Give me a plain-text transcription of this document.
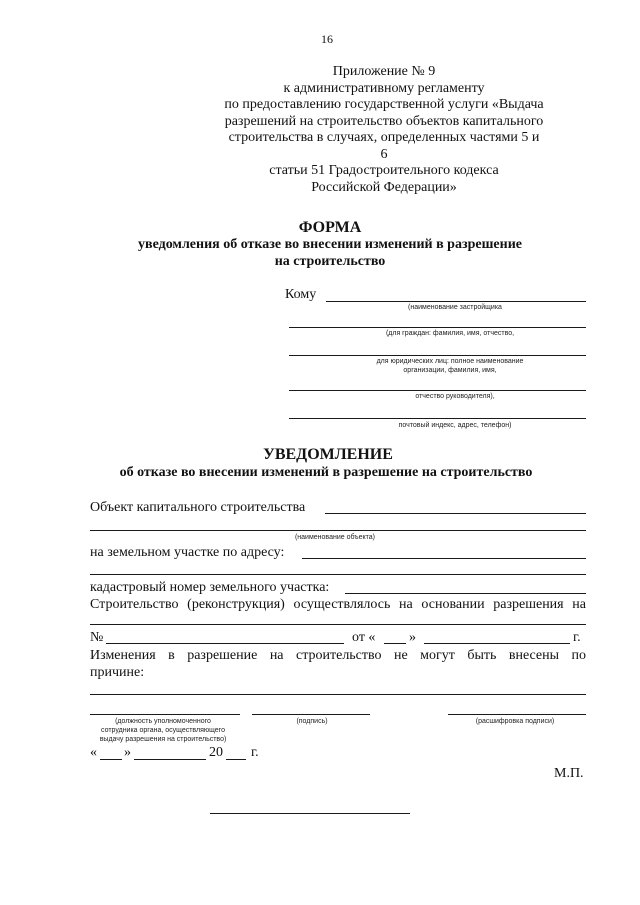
16
Приложение № 9
к административному регламенту
по предоставлению государственной услуги «Выдача
разрешений на строительство объектов капитального
строительства в случаях, определенных частями 5 и 6
статьи 51 Градостроительного кодекса
Российской Федерации»
ФОРМА
уведомления об отказе во внесении изменений в разрешение
на строительство
Кому
(наименование застройщика
(для граждан: фамилия, имя, отчество,
для юридических лиц: полное наименование
организации, фамилия, имя,
отчество руководителя),
почтовый индекс, адрес, телефон)
УВЕДОМЛЕНИЕ
об отказе во внесении изменений в разрешение на строительство
Объект капитального строительства
(наименование объекта)
на земельном участке по адресу:
кадастровый номер земельного участка:
Строительство (реконструкция) осуществлялось на основании разрешения на
№	от « »	г.
Изменения в разрешение на строительство не могут быть внесены по
причине:
(должность уполномоченного
сотрудника органа, осуществляющего
выдачу разрешения на строительство)
(подпись)	(расшифровка подписи)
« »	20 г.
М.П.
